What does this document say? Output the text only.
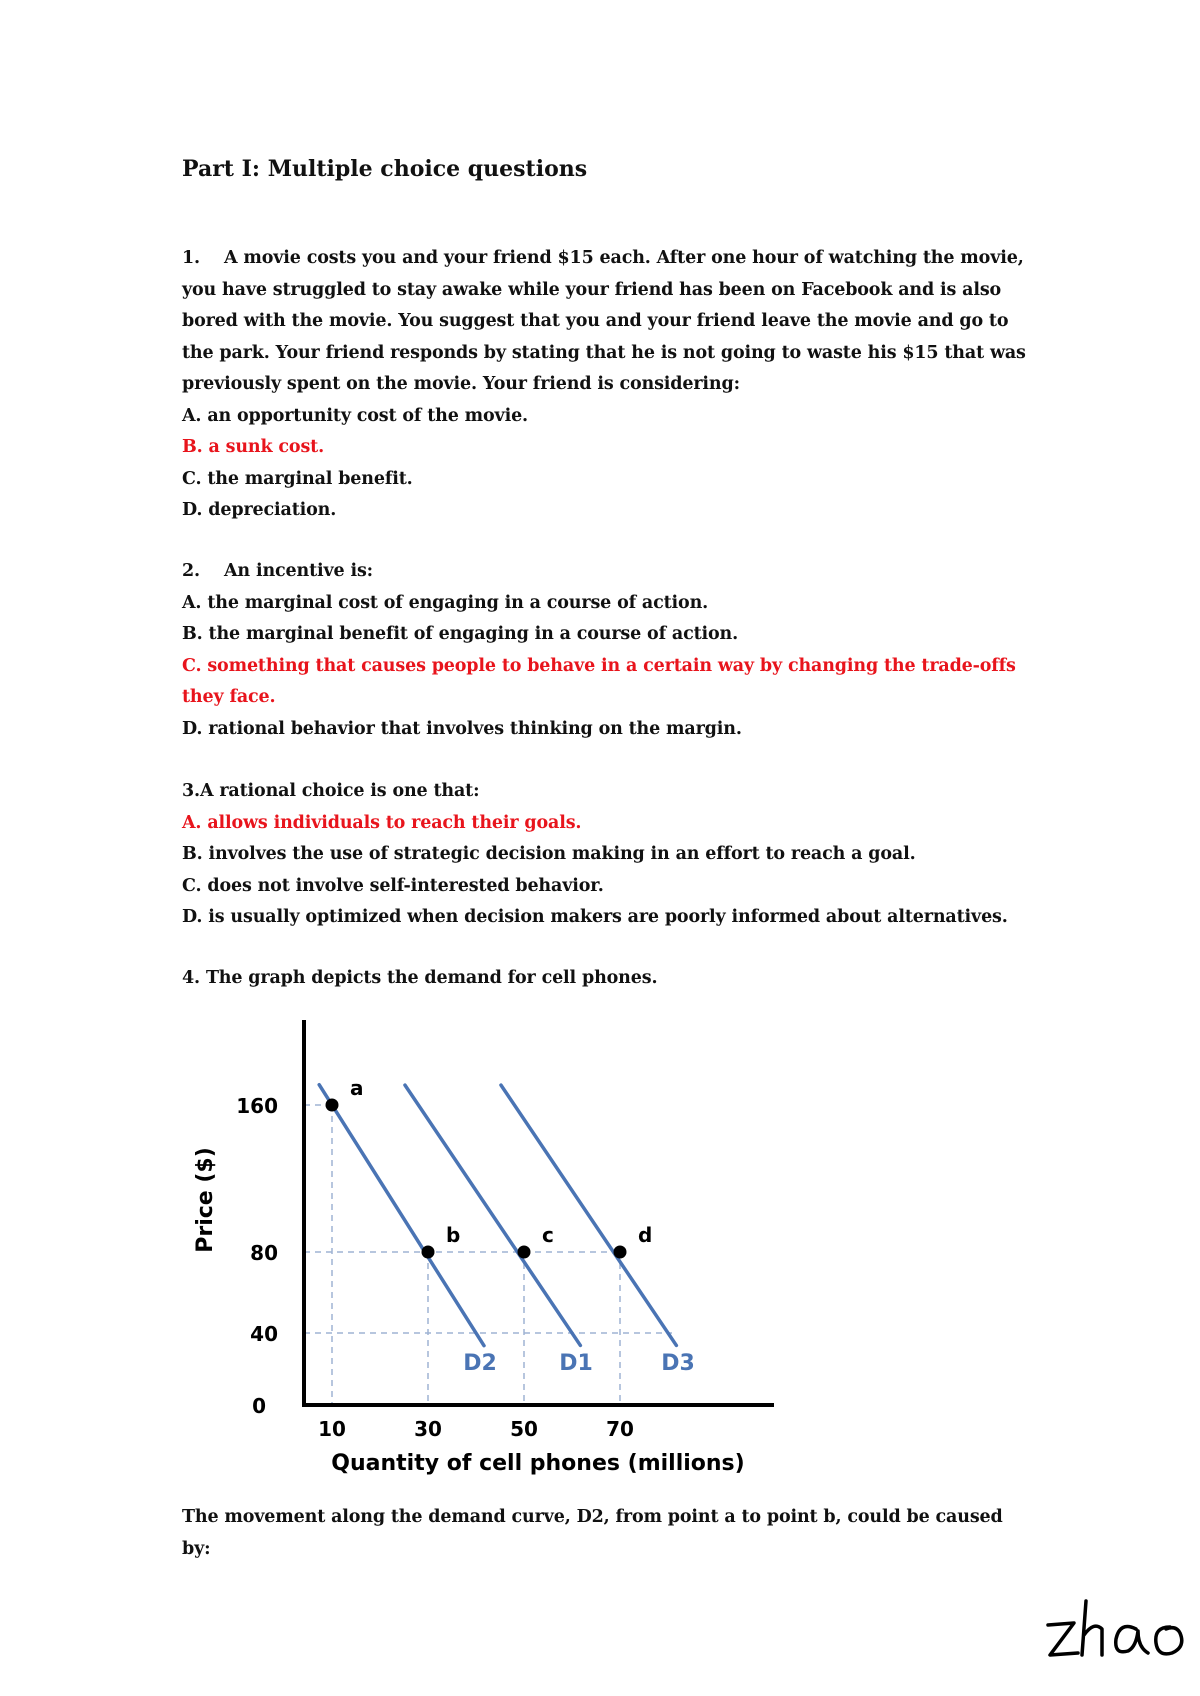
Part I: Multiple choice questions

1. A movie costs you and your friend $15 each. After one hour of watching the movie, you have struggled to stay awake while your friend has been on Facebook and is also bored with the movie. You suggest that you and your friend leave the movie and go to the park. Your friend responds by stating that he is not going to waste his $15 that was previously spent on the movie. Your friend is considering:

A. an opportunity cost of the movie.

B. a sunk cost.

C. the marginal benefit.

D. depreciation.

2. An incentive is:

A. the marginal cost of engaging in a course of action.

B. the marginal benefit of engaging in a course of action.

C. something that causes people to behave in a certain way by changing the trade-offs they face.

D. rational behavior that involves thinking on the margin.

3.A rational choice is one that:

A. allows individuals to reach their goals.

B. involves the use of strategic decision making in an effort to reach a goal.

C. does not involve self-interested behavior.

D. is usually optimized when decision makers are poorly informed about alternatives.

4. The graph depicts the demand for cell phones.

0
40
80
160
10	30	50	70
D2	D1	D3
a
b	c	d
Price ($)
Quantity of cell phones (millions)
The movement along the demand curve, D2, from point a to point b, could be caused by:
